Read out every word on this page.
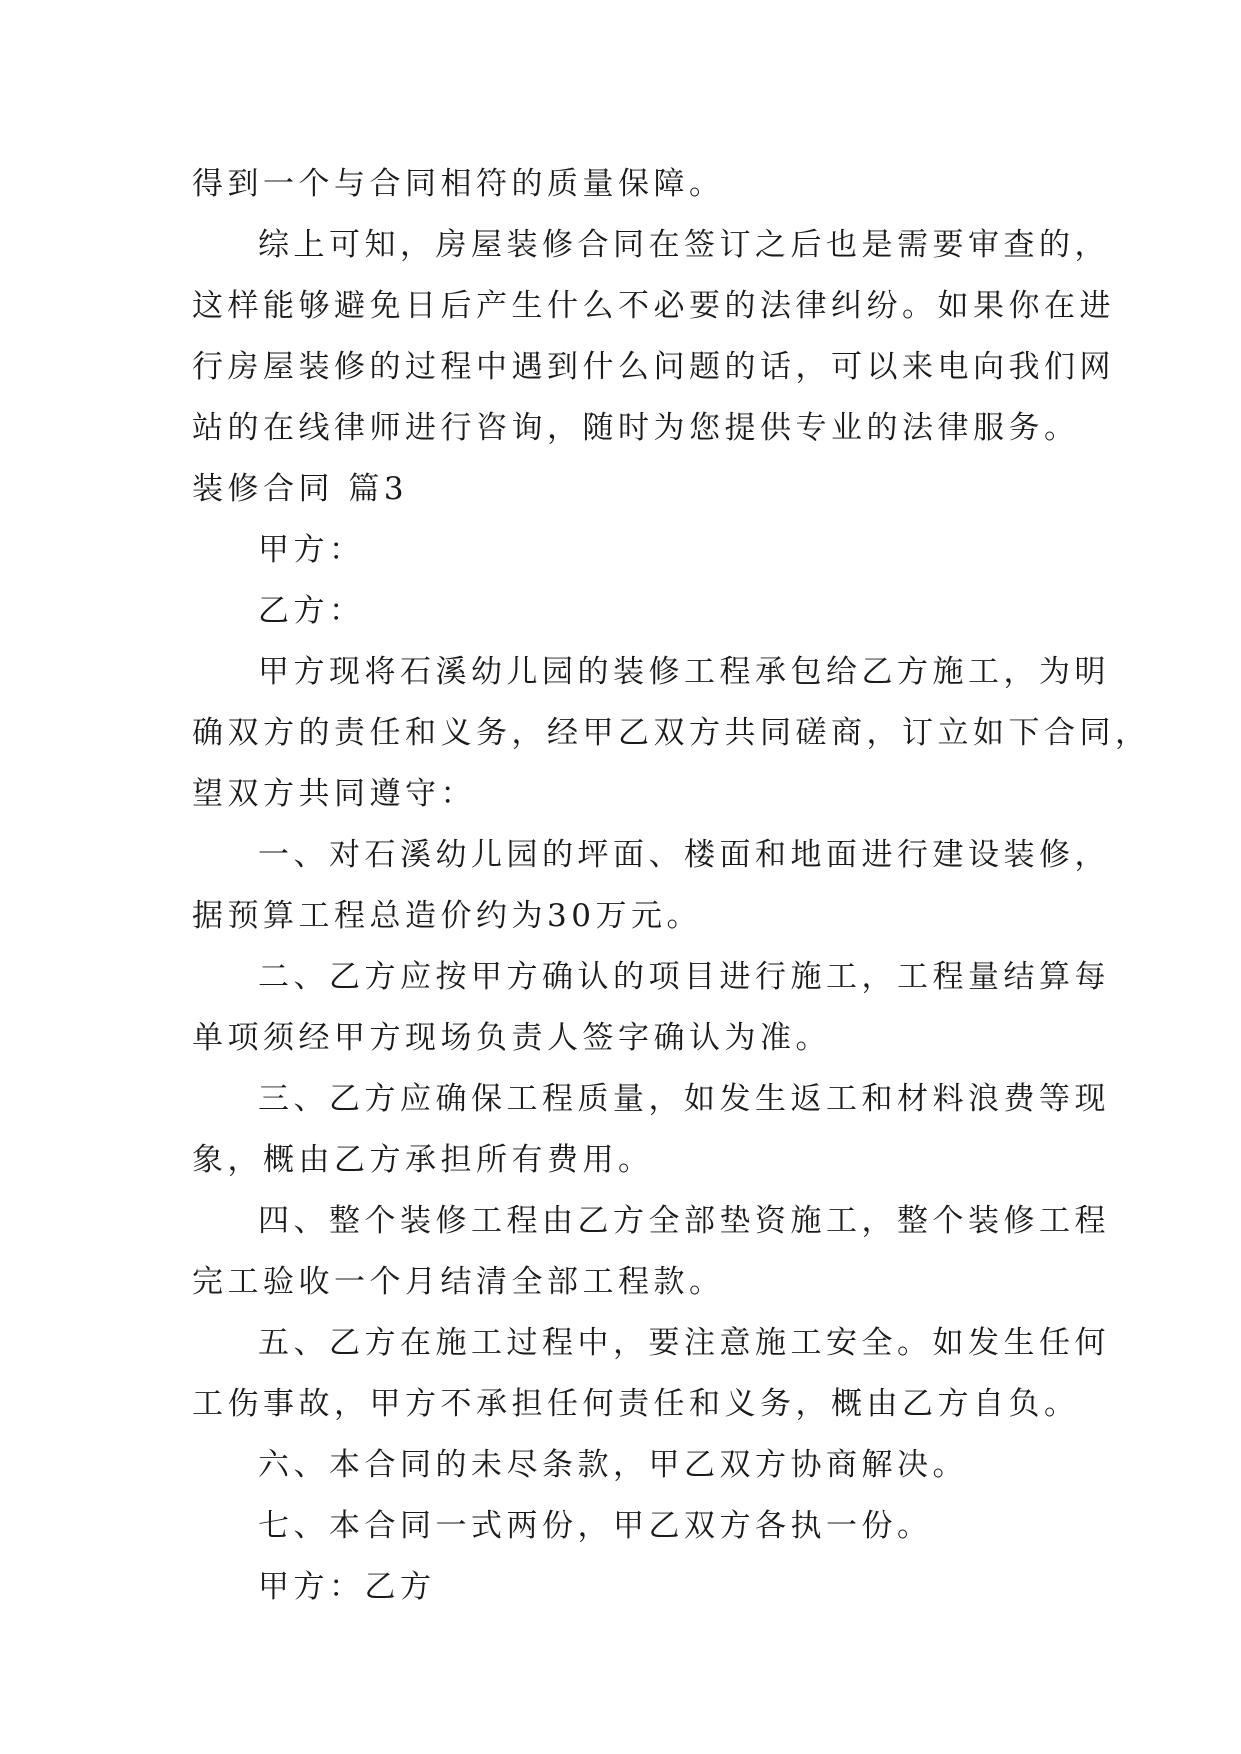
得到一个与合同相符的质量保障。
综上可知，房屋装修合同在签订之后也是需要审查的，
这样能够避免日后产生什么不必要的法律纠纷。如果你在进
行房屋装修的过程中遇到什么问题的话，可以来电向我们网
站的在线律师进行咨询，随时为您提供专业的法律服务。
装修合同 篇3
甲方：
乙方：
甲方现将石溪幼儿园的装修工程承包给乙方施工，为明
确双方的责任和义务，经甲乙双方共同磋商，订立如下合同，
望双方共同遵守：
一、对石溪幼儿园的坪面、楼面和地面进行建设装修，
据预算工程总造价约为30万元。
二、乙方应按甲方确认的项目进行施工，工程量结算每
单项须经甲方现场负责人签字确认为准。
三、乙方应确保工程质量，如发生返工和材料浪费等现
象，概由乙方承担所有费用。
四、整个装修工程由乙方全部垫资施工，整个装修工程
完工验收一个月结清全部工程款。
五、乙方在施工过程中，要注意施工安全。如发生任何
工伤事故，甲方不承担任何责任和义务，概由乙方自负。
六、本合同的未尽条款，甲乙双方协商解决。
七、本合同一式两份，甲乙双方各执一份。
甲方：乙方
